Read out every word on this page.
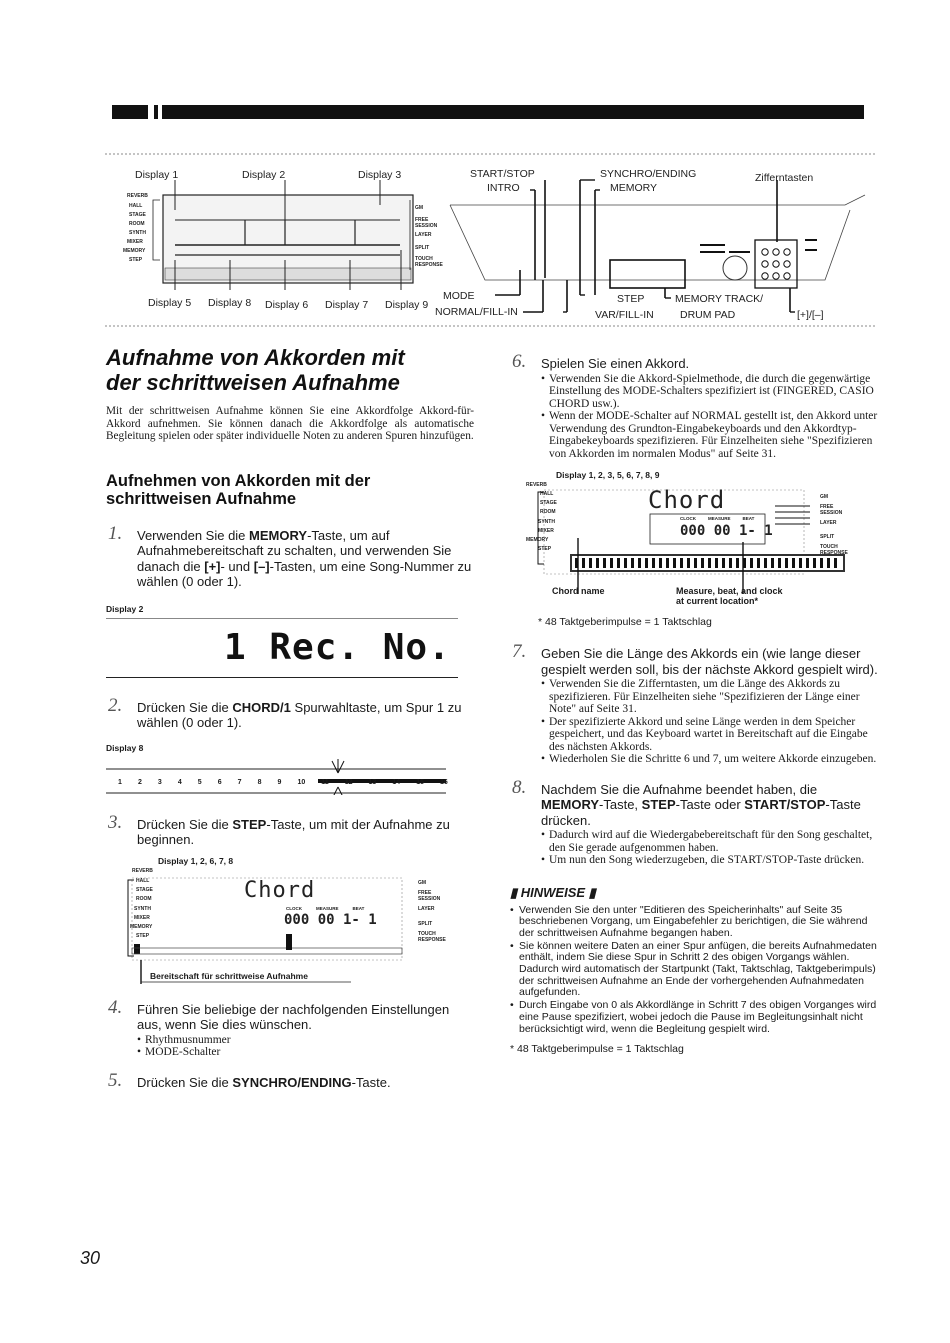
Display 1	Display 2	Display 3
Display 5 Display 8 Display 6 Display 7 Display 9
REVERB
HALL
STAGE
ROOM
SYNTH
MIXER
MEMORY
STEP
GM
FREE SESSION
LAYER
SPLIT
TOUCH RESPONSE
START/STOP
INTRO
SYNCHRO/ENDING
MEMORY
Zifferntasten
MODE
NORMAL/FILL-IN
STEP
VAR/FILL-IN
MEMORY TRACK/
DRUM PAD	[+]/[–]
Aufnahme von Akkorden mit
der schrittweisen Aufnahme

Mit der schrittweisen Aufnahme können Sie eine Akkordfolge Akkord-für-Akkord aufnehmen. Sie können danach die Akkordfolge als automatische Begleitung spielen oder später individuelle Noten zu anderen Spuren hinzufügen.

Aufnehmen von Akkorden mit der
schrittweisen Aufnahme
1. Verwenden Sie die MEMORY-Taste, um auf Aufnahmebereitschaft zu schalten, und verwenden Sie danach die [+]- und [–]-Tasten, um eine Song-Nummer zu wählen (0 oder 1).
Display 2
1 Rec. No.
2. Drücken Sie die CHORD/1 Spurwahltaste, um Spur 1 zu wählen (0 oder 1).
Display 8
1 2 3 4 5 6 7 8 9 10 11 12 13 14 15 16
3. Drücken Sie die STEP-Taste, um mit der Aufnahme zu beginnen.
Display 1, 2, 6, 7, 8
REVERB
HALL
STAGE
ROOM
SYNTH
MIXER
MEMORY
STEP
Chord
CLOCK	MEASURE	BEAT
000 00 1- 1
GM
FREE SESSION
LAYER
SPLIT
TOUCH RESPONSE
Bereitschaft für schrittweise Aufnahme
4. Führen Sie beliebige der nachfolgenden Einstellungen aus, wenn Sie dies wünschen.
• Rhythmusnummer
• MODE-Schalter
5. Drücken Sie die SYNCHRO/ENDING-Taste.
6. Spielen Sie einen Akkord.
• Verwenden Sie die Akkord-Spielmethode, die durch die gegenwärtige Einstellung des MODE-Schalters spezifiziert ist (FINGERED, CASIO CHORD usw.).
• Wenn der MODE-Schalter auf NORMAL gestellt ist, den Akkord unter Verwendung des Grundton-Eingabekeyboards und den Akkordtyp-Eingabekeyboards spezifizieren. Für Einzelheiten siehe "Spezifizieren von Akkorden im normalen Modus" auf Seite 31.
Display 1, 2, 3, 5, 6, 7, 8, 9
REVERB
HALL
STAGE
ROOM
SYNTH
MIXER
MEMORY
STEP
Chord
CLOCK	MEASURE	BEAT
000 00 1- 1
GM
FREE SESSION
LAYER
SPLIT
TOUCH RESPONSE
Chord name	Measure, beat, and clock
at current location*
* 48 Taktgeberimpulse = 1 Taktschlag
7. Geben Sie die Länge des Akkords ein (wie lange dieser gespielt werden soll, bis der nächste Akkord gespielt wird).
• Verwenden Sie die Zifferntasten, um die Länge des Akkords zu spezifizieren. Für Einzelheiten siehe "Spezifizieren der Länge einer Note" auf Seite 31.
• Der spezifizierte Akkord und seine Länge werden in dem Speicher gespeichert, und das Keyboard wartet in Bereitschaft auf die Eingabe des nächsten Akkords.
• Wiederholen Sie die Schritte 6 und 7, um weitere Akkorde einzugeben.
8. Nachdem Sie die Aufnahme beendet haben, die MEMORY-Taste, STEP-Taste oder START/STOP-Taste drücken.
• Dadurch wird auf die Wiedergabebereitschaft für den Song geschaltet, den Sie gerade aufgenommen haben.
• Um nun den Song wiederzugeben, die START/STOP-Taste drücken.
▮ HINWEISE ▮
• Verwenden Sie den unter "Editieren des Speicherinhalts" auf Seite 35 beschriebenen Vorgang, um Eingabefehler zu berichtigen, die Sie während der schrittweisen Aufnahme begangen haben.
• Sie können weitere Daten an einer Spur anfügen, die bereits Aufnahmedaten enthält, indem Sie diese Spur in Schritt 2 des obigen Vorgangs wählen. Dadurch wird automatisch der Startpunkt (Takt, Taktschlag, Taktgeberimpuls) der schrittweisen Aufnahme an Ende der vorhergehenden Aufnahmedaten aufgefunden.
• Durch Eingabe von 0 als Akkordlänge in Schritt 7 des obigen Vorganges wird eine Pause spezifiziert, wobei jedoch die Pause im Begleitungsinhalt nicht berücksichtigt wird, wenn die Begleitung gespielt wird.
* 48 Taktgeberimpulse = 1 Taktschlag
30
